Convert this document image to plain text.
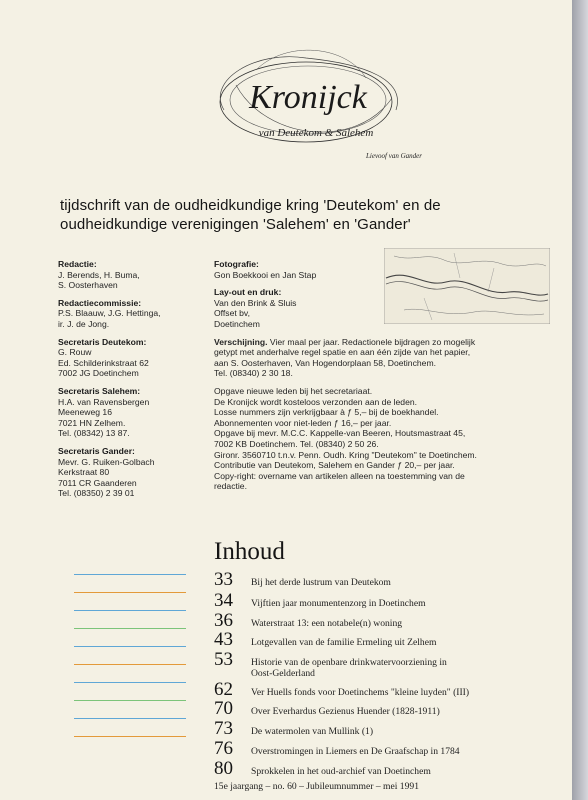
Kronijck
van Deutekom & Salehem
Lievoof van Gander
tijdschrift van de oudheidkundige kring 'Deutekom' en de
oudheidkundige verenigingen 'Salehem' en 'Gander'
Redactie:
J. Berends, H. Buma,
S. Oosterhaven
Redactiecommissie:
P.S. Blaauw, J.G. Hettinga,
ir. J. de Jong.
Secretaris Deutekom:
G. Rouw
Ed. Schilderinkstraat 62
7002 JG Doetinchem
Secretaris Salehem:
H.A. van Ravensbergen
Meeneweg 16
7021 HN Zelhem.
Tel. (08342) 13 87.
Secretaris Gander:
Mevr. G. Ruiken-Golbach
Kerkstraat 80
7011 CR Gaanderen
Tel. (08350) 2 39 01
Fotografie:
Gon Boekkooi en Jan Stap
Lay-out en druk:
Van den Brink & Sluis
Offset bv,
Doetinchem
Verschijning. Vier maal per jaar. Redactionele bijdragen zo mogelijk
getypt met anderhalve regel spatie en aan één zijde van het papier,
aan S. Oosterhaven, Van Hogendorplaan 58, Doetinchem.
Tel. (08340) 2 30 18.
Opgave nieuwe leden bij het secretariaat.
De Kronijck wordt kosteloos verzonden aan de leden.
Losse nummers zijn verkrijgbaar à ƒ 5,– bij de boekhandel.
Abonnementen voor niet-leden ƒ 16,– per jaar.
Opgave bij mevr. M.C.C. Kappelle-van Beeren, Houtsmastraat 45,
7002 KB Doetinchem. Tel. (08340) 2 50 26.
Gironr. 3560710 t.n.v. Penn. Oudh. Kring "Deutekom" te Doetinchem.
Contributie van Deutekom, Salehem en Gander ƒ 20,– per jaar.
Copy-right: overname van artikelen alleen na toestemming van de
redactie.
Inhoud
33	Bij het derde lustrum van Deutekom
34	Vijftien jaar monumentenzorg in Doetinchem
36	Waterstraat 13: een notabele(n) woning
43	Lotgevallen van de familie Ermeling uit Zelhem
53	Historie van de openbare drinkwatervoorziening in
Oost-Gelderland
62	Ver Huells fonds voor Doetinchems "kleine luyden" (III)
70	Over Everhardus Gezienus Huender (1828-1911)
73	De watermolen van Mullink (1)
76	Overstromingen in Liemers en De Graafschap in 1784
80	Sprokkelen in het oud-archief van Doetinchem
15e jaargang – no. 60 – Jubileumnummer – mei 1991
